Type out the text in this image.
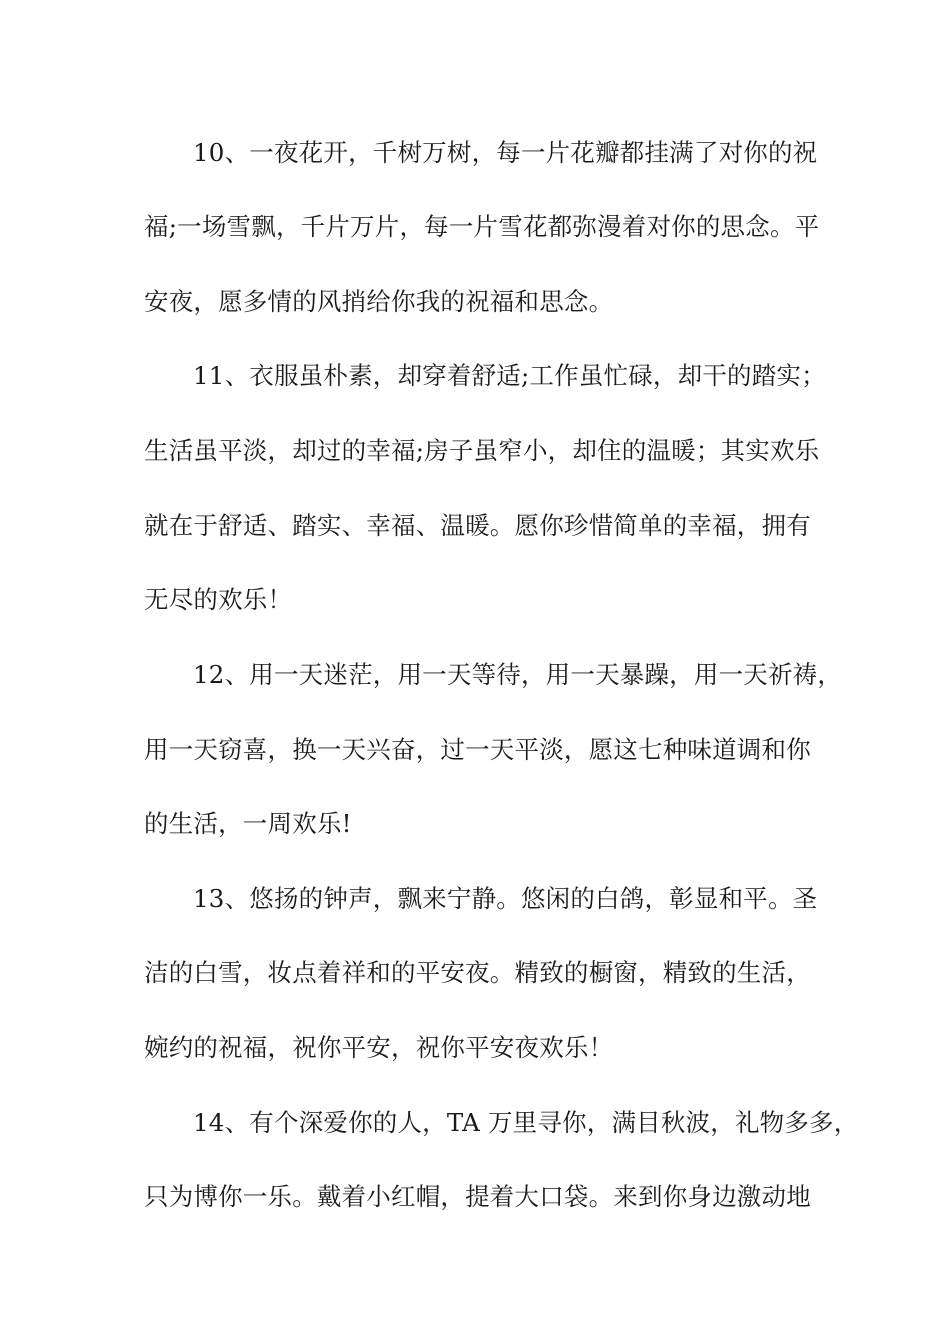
10、一夜花开，千树万树，每一片花瓣都挂满了对你的祝
福;一场雪飘，千片万片，每一片雪花都弥漫着对你的思念。平
安夜，愿多情的风捎给你我的祝福和思念。
11、衣服虽朴素，却穿着舒适;工作虽忙碌，却干的踏实；
生活虽平淡，却过的幸福;房子虽窄小，却住的温暖；其实欢乐
就在于舒适、踏实、幸福、温暖。愿你珍惜简单的幸福，拥有
无尽的欢乐！
12、用一天迷茫，用一天等待，用一天暴躁，用一天祈祷，
用一天窃喜，换一天兴奋，过一天平淡，愿这七种味道调和你
的生活，一周欢乐!
13、悠扬的钟声，飘来宁静。悠闲的白鸽，彰显和平。圣
洁的白雪，妆点着祥和的平安夜。精致的橱窗，精致的生活，
婉约的祝福，祝你平安，祝你平安夜欢乐！
14、有个深爱你的人，TA 万里寻你，满目秋波，礼物多多，
只为博你一乐。戴着小红帽，提着大口袋。来到你身边激动地
